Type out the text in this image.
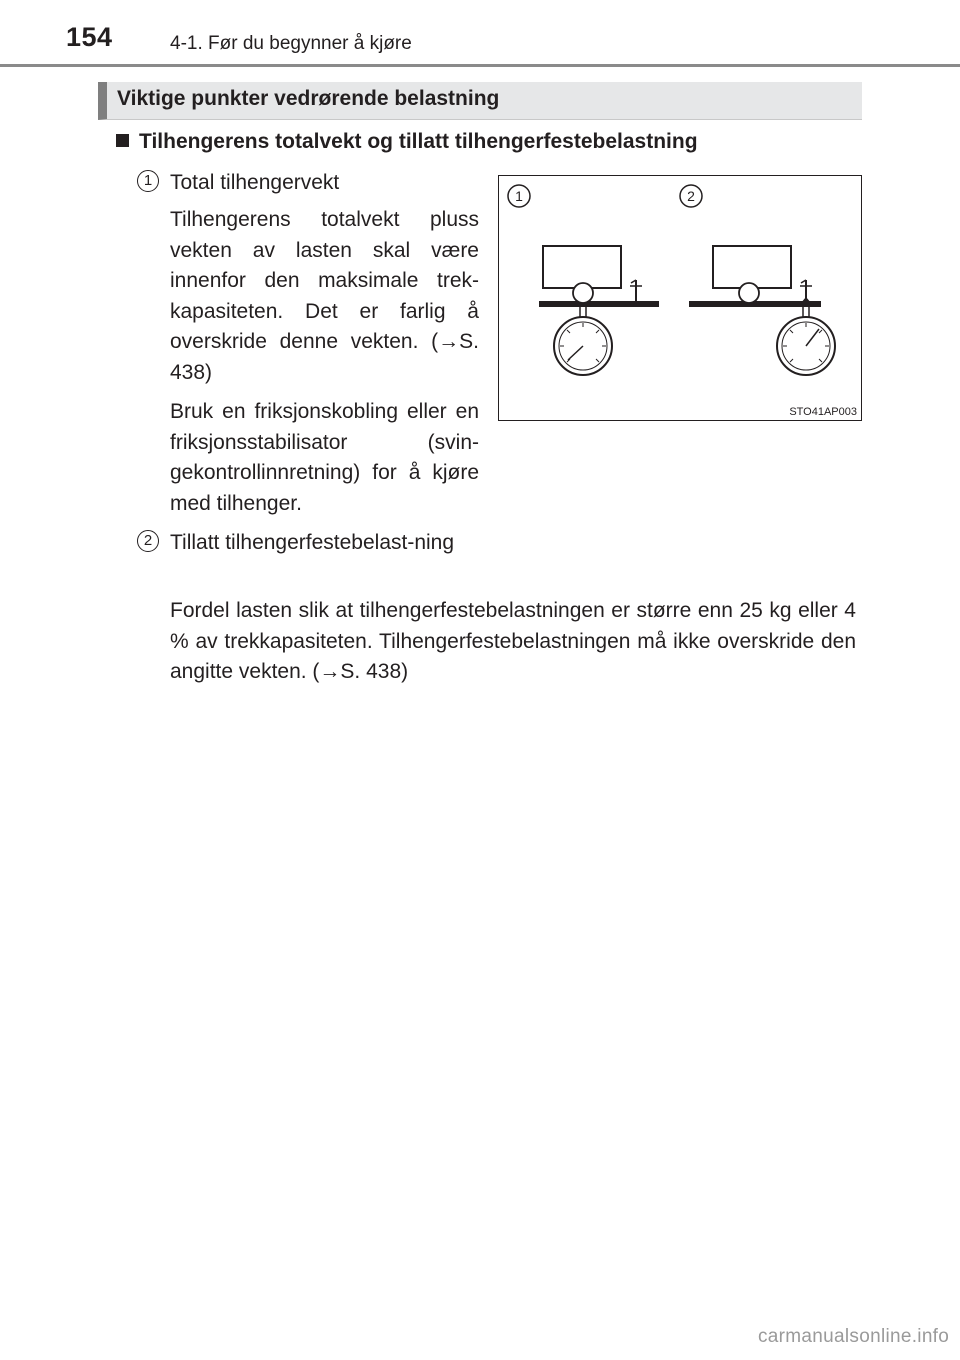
154	4-1. Før du begynner å kjøre
Viktige punkter vedrørende belastning
Tilhengerens totalvekt og tillatt tilhengerfestebelastning
1 Total tilhengervekt
Tilhengerens totalvekt pluss vekten av lasten skal være innenfor den maksimale trek-kapasiteten. Det er farlig å overskride denne vekten. (→S. 438)
Bruk en friksjonskobling eller en friksjonsstabilisator (svin-gekontrollinnretning) for å kjøre med tilhenger.
2 Tillatt tilhengerfestebelast-ning
Fordel lasten slik at tilhengerfestebelastningen er større enn 25 kg eller 4 % av trekkapasiteten. Tilhengerfestebelastningen må ikke overskride den angitte vekten. (→S. 438)
1	2
STO41AP003
carmanualsonline.info
